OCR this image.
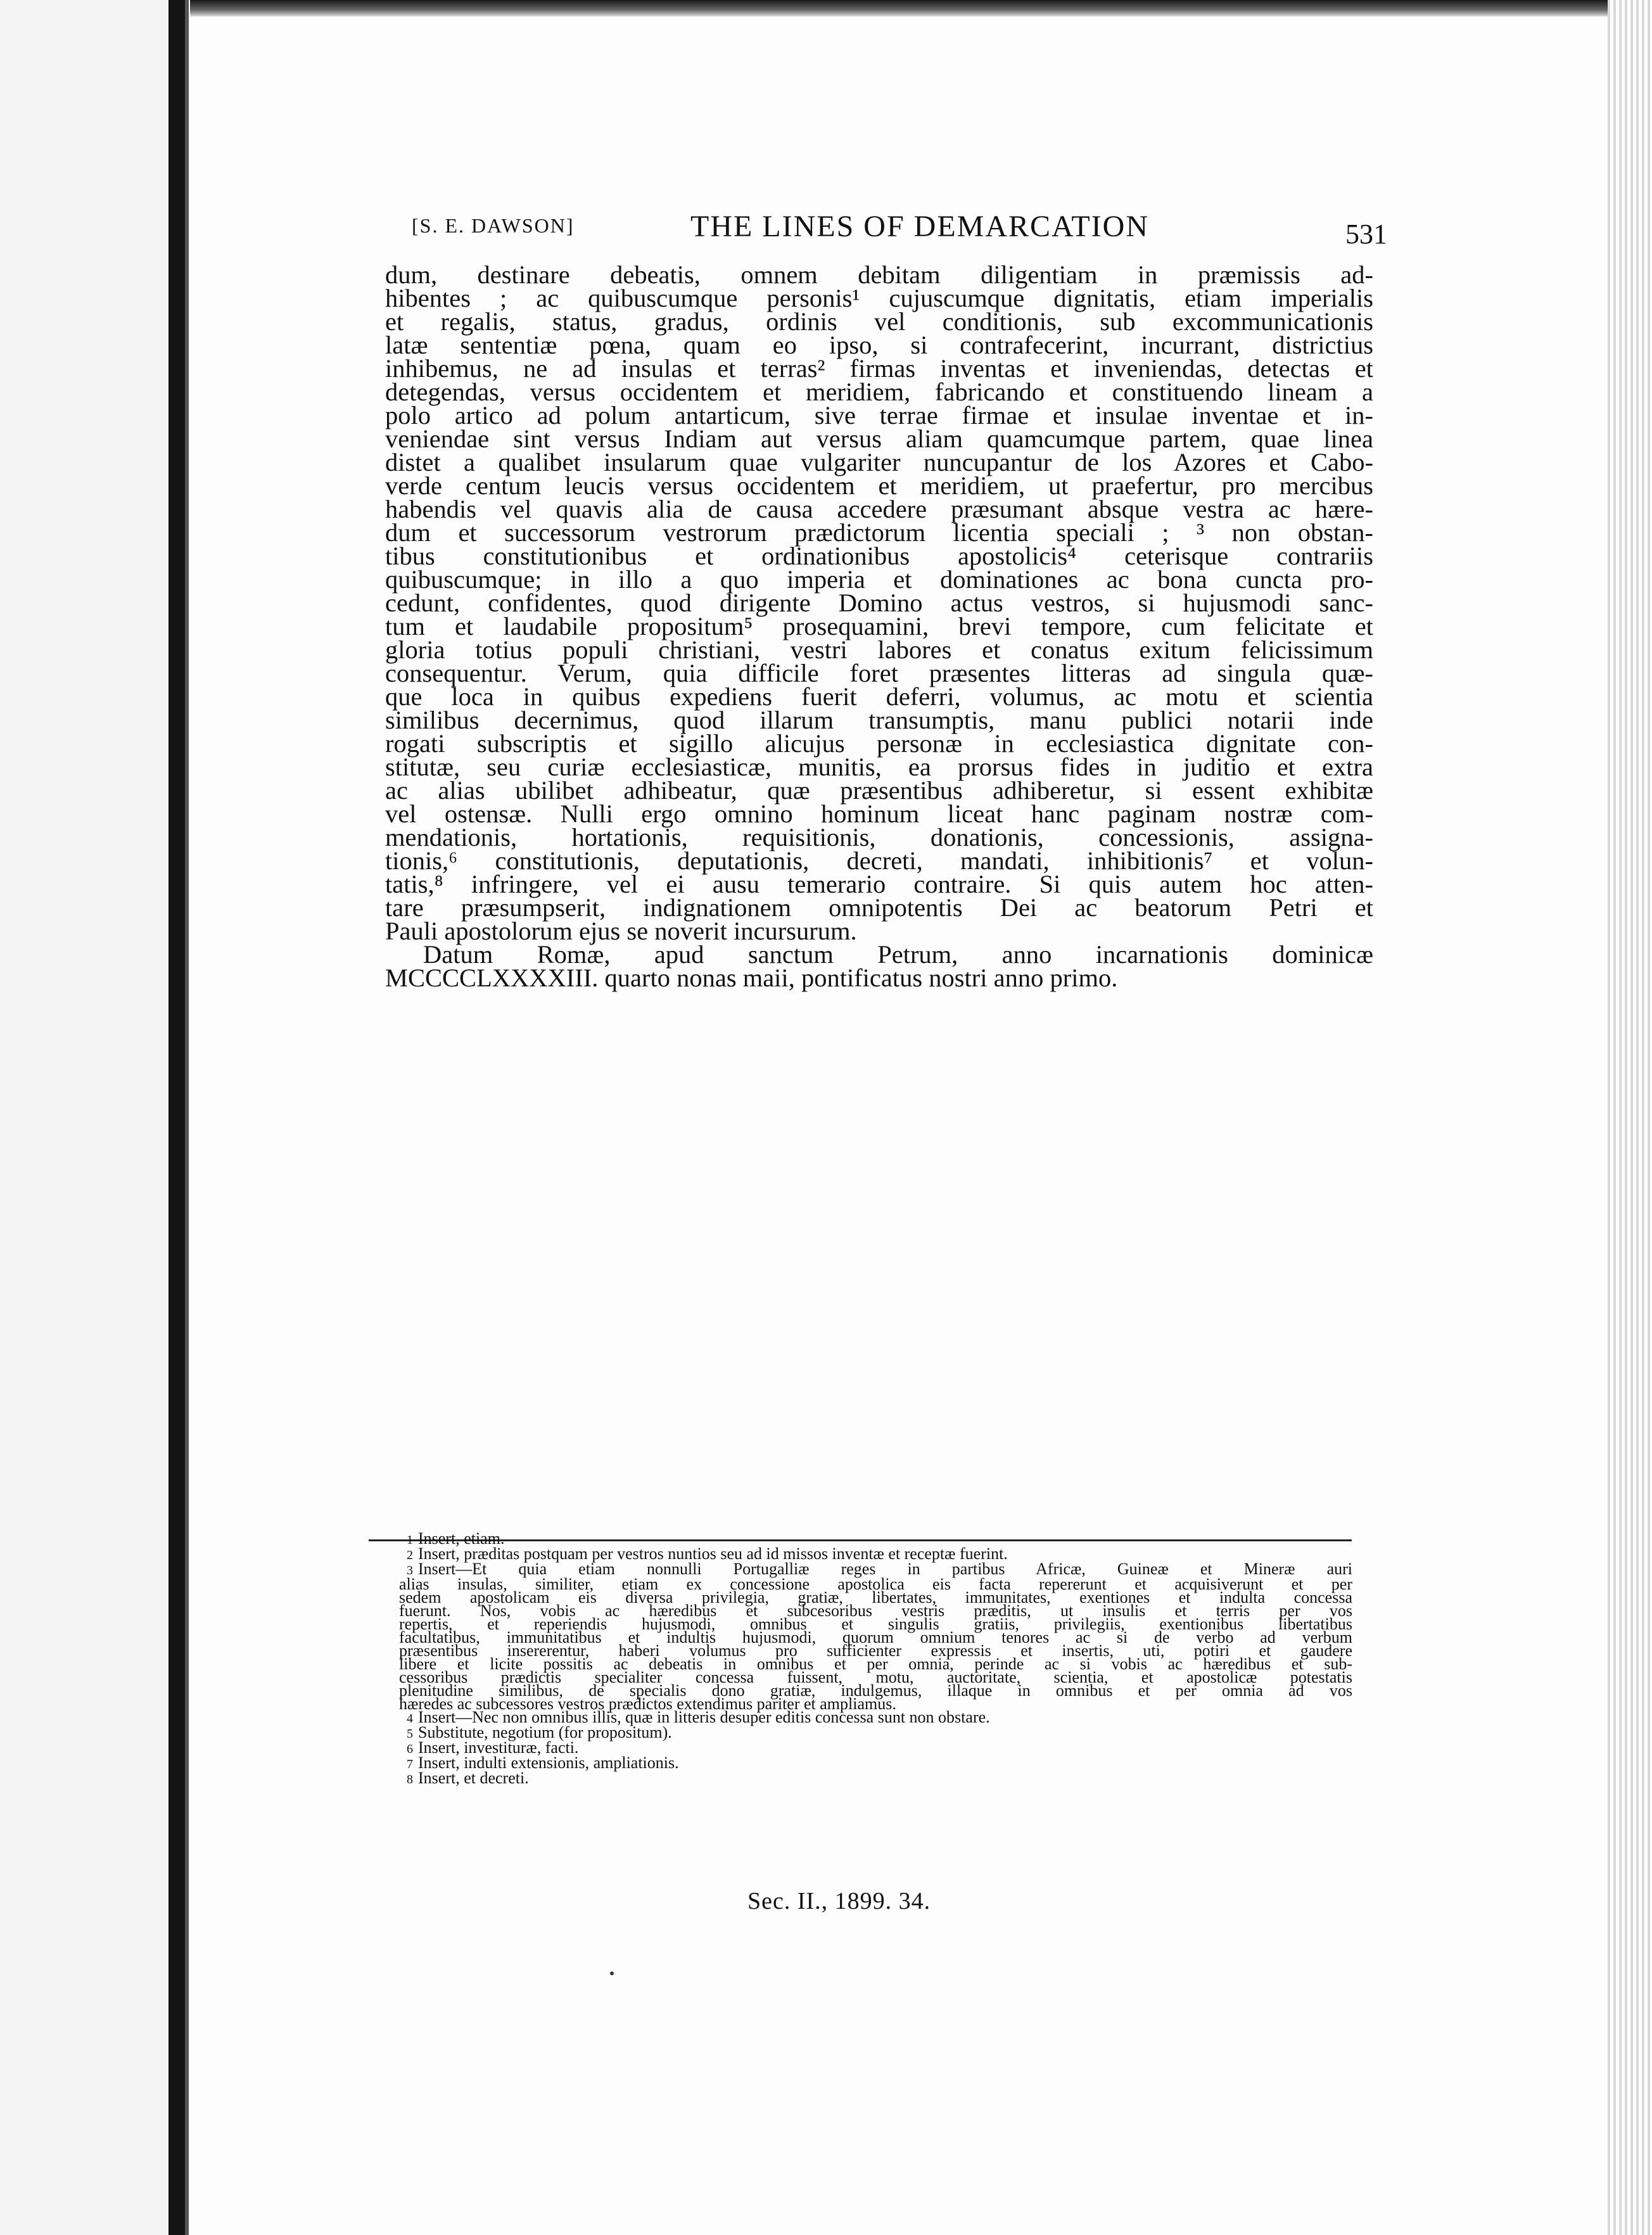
[S. E. DAWSON]	THE LINES OF DEMARCATION	531
dum, destinare debeatis, omnem debitam diligentiam in præmissis ad-
hibentes ; ac quibuscumque personis¹ cujuscumque dignitatis, etiam imperialis
et regalis, status, gradus, ordinis vel conditionis, sub excommunicationis
latæ sententiæ pœna, quam eo ipso, si contrafecerint, incurrant, districtius
inhibemus, ne ad insulas et terras² firmas inventas et inveniendas, detectas et
detegendas, versus occidentem et meridiem, fabricando et constituendo lineam a
polo artico ad polum antarticum, sive terrae firmae et insulae inventae et in-
veniendae sint versus Indiam aut versus aliam quamcumque partem, quae linea
distet a qualibet insularum quae vulgariter nuncupantur de los Azores et Cabo-
verde centum leucis versus occidentem et meridiem, ut praefertur, pro mercibus
habendis vel quavis alia de causa accedere præsumant absque vestra ac hære-
dum et successorum vestrorum prædictorum licentia speciali ; ³ non obstan-
tibus constitutionibus et ordinationibus apostolicis⁴ ceterisque contrariis
quibuscumque; in illo a quo imperia et dominationes ac bona cuncta pro-
cedunt, confidentes, quod dirigente Domino actus vestros, si hujusmodi sanc-
tum et laudabile propositum⁵ prosequamini, brevi tempore, cum felicitate et
gloria totius populi christiani, vestri labores et conatus exitum felicissimum
consequentur. Verum, quia difficile foret præsentes litteras ad singula quæ-
que loca in quibus expediens fuerit deferri, volumus, ac motu et scientia
similibus decernimus, quod illarum transumptis, manu publici notarii inde
rogati subscriptis et sigillo alicujus personæ in ecclesiastica dignitate con-
stitutæ, seu curiæ ecclesiasticæ, munitis, ea prorsus fides in juditio et extra
ac alias ubilibet adhibeatur, quæ præsentibus adhiberetur, si essent exhibitæ
vel ostensæ. Nulli ergo omnino hominum liceat hanc paginam nostræ com-
mendationis, hortationis, requisitionis, donationis, concessionis, assigna-
tionis,⁶ constitutionis, deputationis, decreti, mandati, inhibitionis⁷ et volun-
tatis,⁸ infringere, vel ei ausu temerario contraire. Si quis autem hoc atten-
tare præsumpserit, indignationem omnipotentis Dei ac beatorum Petri et
Pauli apostolorum ejus se noverit incursurum.
Datum Romæ, apud sanctum Petrum, anno incarnationis dominicæ
MCCCCLXXXXIII. quarto nonas maii, pontificatus nostri anno primo.
1 Insert, etiam.
2 Insert, præditas postquam per vestros nuntios seu ad id missos inventæ et receptæ fuerint.
3 Insert—Et quia etiam nonnulli Portugalliæ reges in partibus Africæ, Guineæ et Mineræ auri
alias insulas, similiter, etiam ex concessione apostolica eis facta repererunt et acquisiverunt et per
sedem apostolicam eis diversa privilegia, gratiæ, libertates, immunitates, exentiones et indulta concessa
fuerunt. Nos, vobis ac hæredibus et subcesoribus vestris præditis, ut insulis et terris per vos
repertis, et reperiendis hujusmodi, omnibus et singulis gratiis, privilegiis, exentionibus libertatibus
facultatibus, immunitatibus et indultis hujusmodi, quorum omnium tenores ac si de verbo ad verbum
præsentibus insererentur, haberi volumus pro sufficienter expressis et insertis, uti, potiri et gaudere
libere et licite possitis ac debeatis in omnibus et per omnia, perinde ac si vobis ac hæredibus et sub-
cessoribus prædictis specialiter concessa fuissent, motu, auctoritate, scientia, et apostolicæ potestatis
plenitudine similibus, de specialis dono gratiæ, indulgemus, illaque in omnibus et per omnia ad vos
hæredes ac subcessores vestros prædictos extendimus pariter et ampliamus.
4 Insert—Nec non omnibus illis, quæ in litteris desuper editis concessa sunt non obstare.
5 Substitute, negotium (for propositum).
6 Insert, investituræ, facti.
7 Insert, indulti extensionis, ampliationis.
8 Insert, et decreti.
Sec. II., 1899. 34.
